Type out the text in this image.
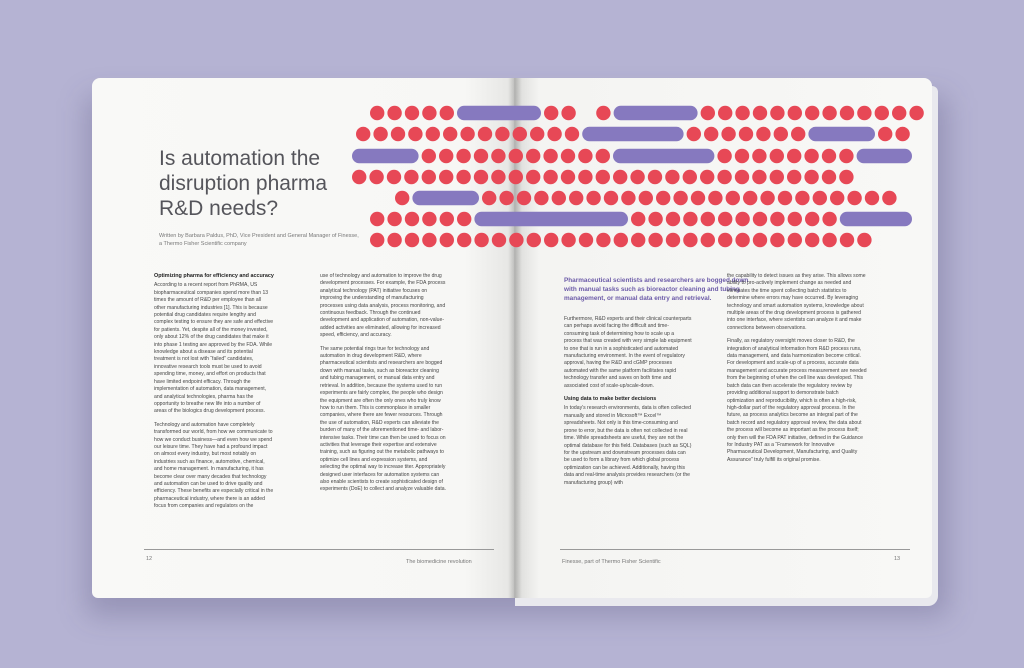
Is automation the
disruption pharma
R&D needs?
Written by Barbara Paldus, PhD, Vice President and General Manager of Finesse, a Thermo Fisher Scientific company
Optimizing pharma for efficiency and accuracy

According to a recent report from PhRMA, US biopharmaceutical companies spend more than 13 times the amount of R&D per employee than all other manufacturing industries [1]. This is because potential drug candidates require lengthy and complex testing to ensure they are safe and effective for patients. Yet, despite all of the money invested, only about 12% of the drug candidates that make it into phase 1 testing are approved by the FDA. While knowledge about a disease and its potential treatment is not lost with “failed” candidates, innovative research tools must be used to avoid spending time, money, and effort on products that have limited endpoint efficacy. Through the implementation of automation, data management, and analytical technologies, pharma has the opportunity to breathe new life into a number of areas of the biologics drug development process.

Technology and automation have completely transformed our world, from how we communicate to how we conduct business—and even how we spend our leisure time. They have had a profound impact on almost every industry, but most notably on industries such as finance, automotive, chemical, and home management. In manufacturing, it has become clear over many decades that technology and automation can be used to drive quality and efficiency. These benefits are especially critical in the pharmaceutical industry, where there is an added focus from companies and regulators on the

use of technology and automation to improve the drug development processes. For example, the FDA process analytical technology (PAT) initiative focuses on improving the understanding of manufacturing processes using data analysis, process monitoring, and continuous feedback. Through the continued development and application of automation, non-value-added activities are eliminated, allowing for increased speed, efficiency, and accuracy.

The same potential rings true for technology and automation in drug development R&D, where pharmaceutical scientists and researchers are bogged down with manual tasks, such as bioreactor cleaning and tubing management, or manual data entry and retrieval. In addition, because the systems used to run experiments are fairly complex, the people who design the equipment are often the only ones who truly know how to run them. This is commonplace in smaller companies, where there are fewer resources. Through the use of automation, R&D experts can alleviate the burden of many of the aforementioned time- and labor-intensive tasks. Their time can then be used to focus on activities that leverage their expertise and extensive training, such as figuring out the metabolic pathways to optimize cell lines and expression systems, and selecting the optimal way to increase titer. Appropriately designed user interfaces for automation systems can also enable scientists to create sophisticated design of experiments (DoE) to collect and analyze valuable data.

12	The biomedicine revolution
Pharmaceutical scientists and researchers are bogged down with manual tasks such as bioreactor cleaning and tubing management, or manual data entry and retrieval.

Furthermore, R&D experts and their clinical counterparts can perhaps avoid facing the difficult and time-consuming task of determining how to scale up a process that was created with very simple lab equipment to one that is run in a sophisticated and automated manufacturing environment. In the event of regulatory approval, having the R&D and cGMP processes automated with the same platform facilitates rapid technology transfer and saves on both time and associated cost of scale-up/scale-down.

Using data to make better decisions

In today's research environments, data is often collected manually and stored in Microsoft™ Excel™ spreadsheets. Not only is this time-consuming and prone to error, but the data is often not collected in real time. While spreadsheets are useful, they are not the optimal database for this field. Databases (such as SQL) for the upstream and downstream processes data can be used to form a library from which global process optimization can be achieved. Additionally, having this data and real-time analysis provides researchers (or the manufacturing group) with

the capability to detect issues as they arise. This allows some ability to pro-actively implement change as needed and eliminates the time spent collecting batch statistics to determine where errors may have occurred. By leveraging technology and smart automation systems, knowledge about multiple areas of the drug development process is gathered into one interface, where scientists can analyze it and make connections between observations.

Finally, as regulatory oversight moves closer to R&D, the integration of analytical information from R&D process runs, data management, and data harmonization become critical. For development and scale-up of a process, accurate data management and accurate process measurement are needed from the beginning of when the cell line was developed. This batch data can then accelerate the regulatory review by providing additional support to demonstrate batch optimization and reproducibility, which is often a high-risk, high-dollar part of the regulatory approval process. In the future, as process analytics become an integral part of the batch record and regulatory approval review, the data about the process will become as important as the process itself; only then will the FDA PAT initiative, defined in the Guidance for Industry PAT as a “Framework for Innovative Pharmaceutical Development, Manufacturing, and Quality Assurance” truly fulfill its original promise.

Finesse, part of Thermo Fisher Scientific	13
